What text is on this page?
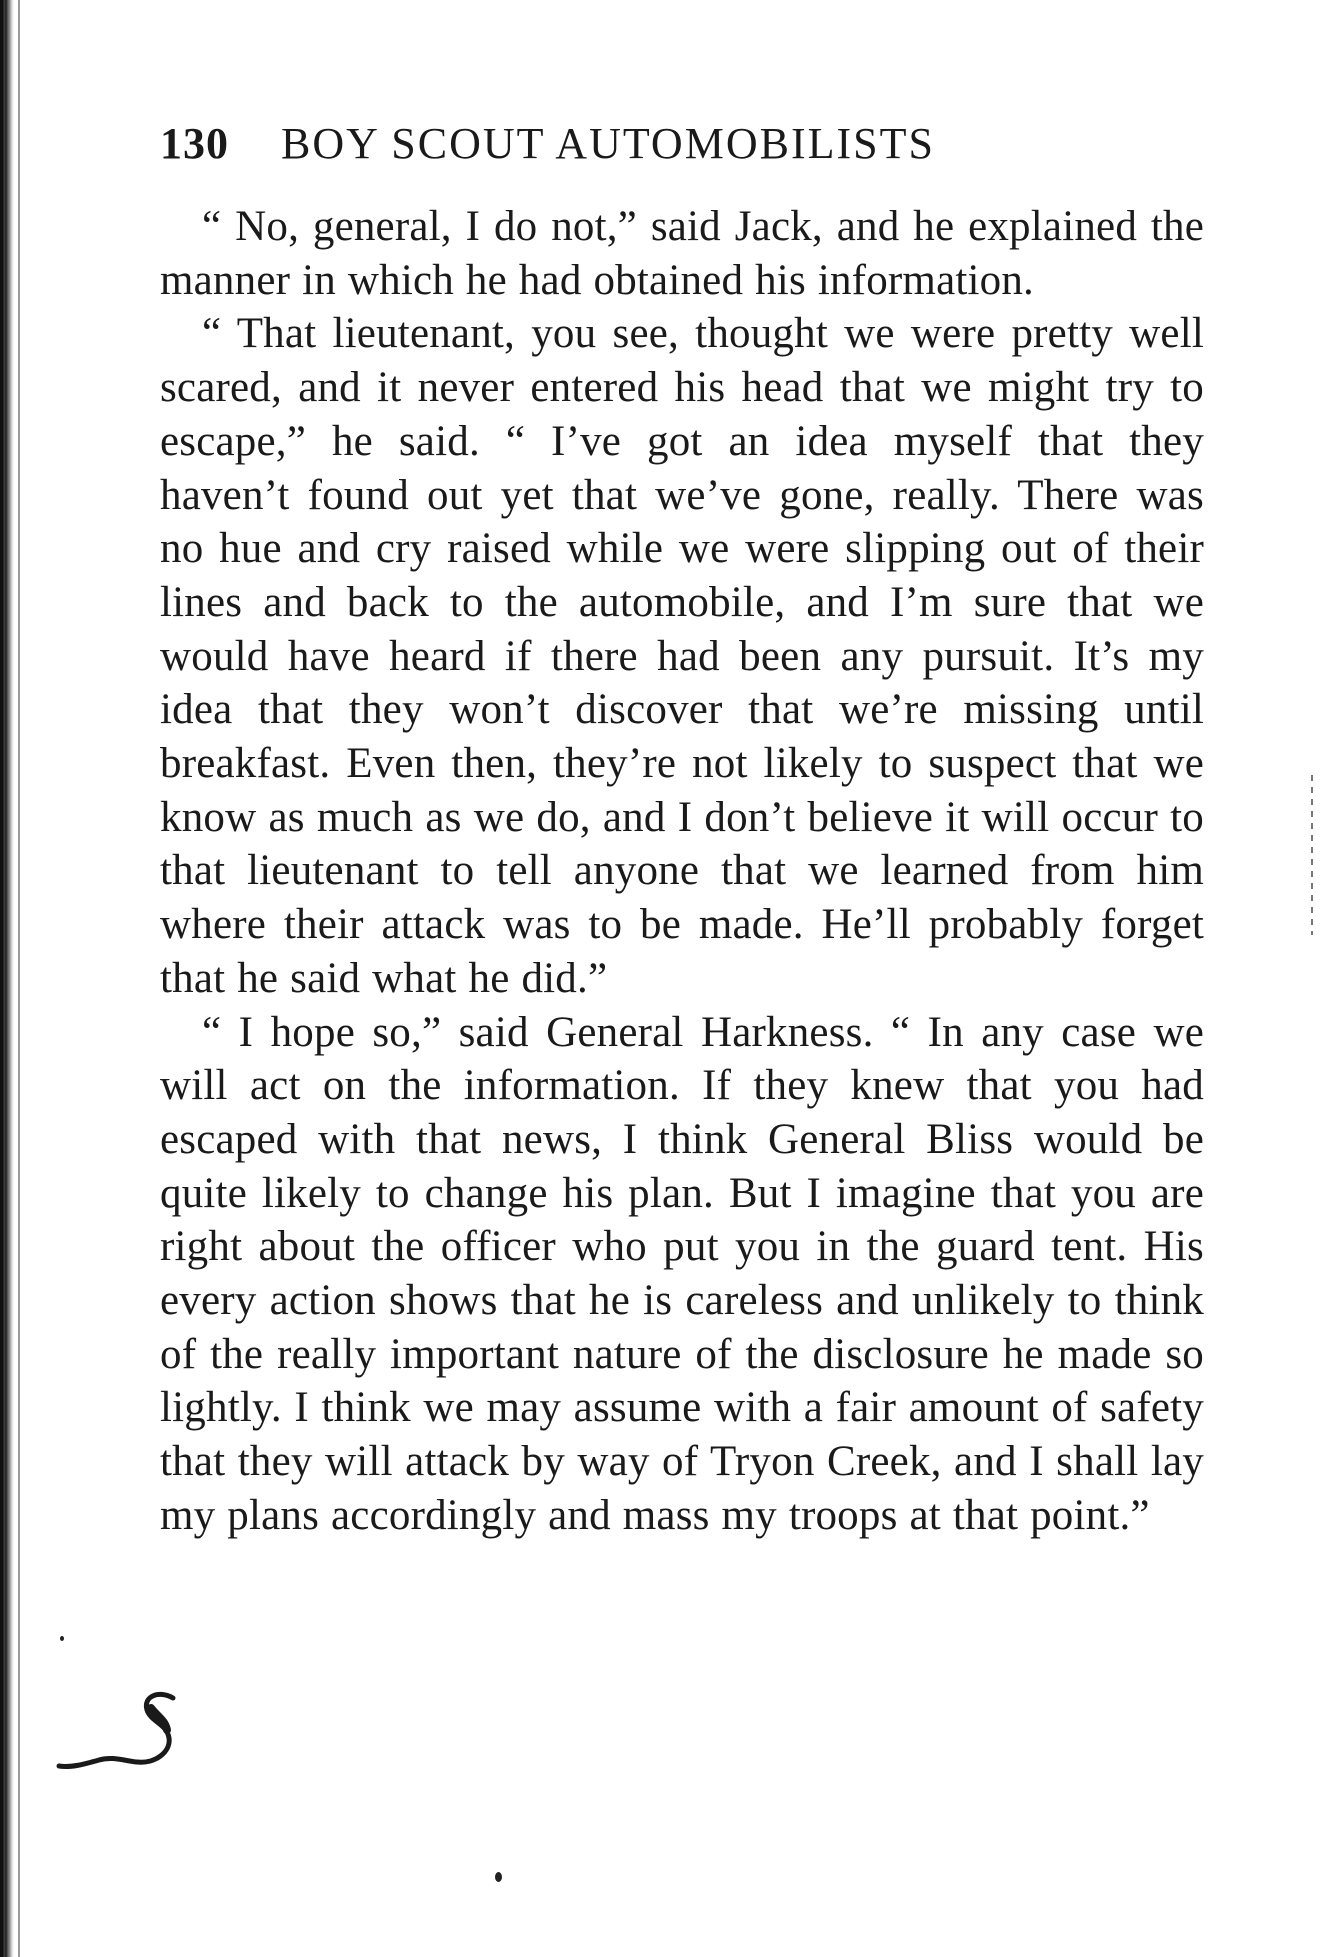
130 BOY SCOUT AUTOMOBILISTS

“ No, general, I do not,” said Jack, and he explained the manner in which he had obtained his information.

“ That lieutenant, you see, thought we were pretty well scared, and it never entered his head that we might try to escape,” he said. “ I’ve got an idea myself that they haven’t found out yet that we’ve gone, really. There was no hue and cry raised while we were slipping out of their lines and back to the automobile, and I’m sure that we would have heard if there had been any pursuit. It’s my idea that they won’t discover that we’re missing until breakfast. Even then, they’re not likely to suspect that we know as much as we do, and I don’t believe it will occur to that lieutenant to tell anyone that we learned from him where their attack was to be made. He’ll probably forget that he said what he did.”

“ I hope so,” said General Harkness. “ In any case we will act on the information. If they knew that you had escaped with that news, I think General Bliss would be quite likely to change his plan. But I imagine that you are right about the officer who put you in the guard tent. His every action shows that he is careless and unlikely to think of the really important nature of the disclosure he made so lightly. I think we may assume with a fair amount of safety that they will attack by way of Tryon Creek, and I shall lay my plans accordingly and mass my troops at that point.”
